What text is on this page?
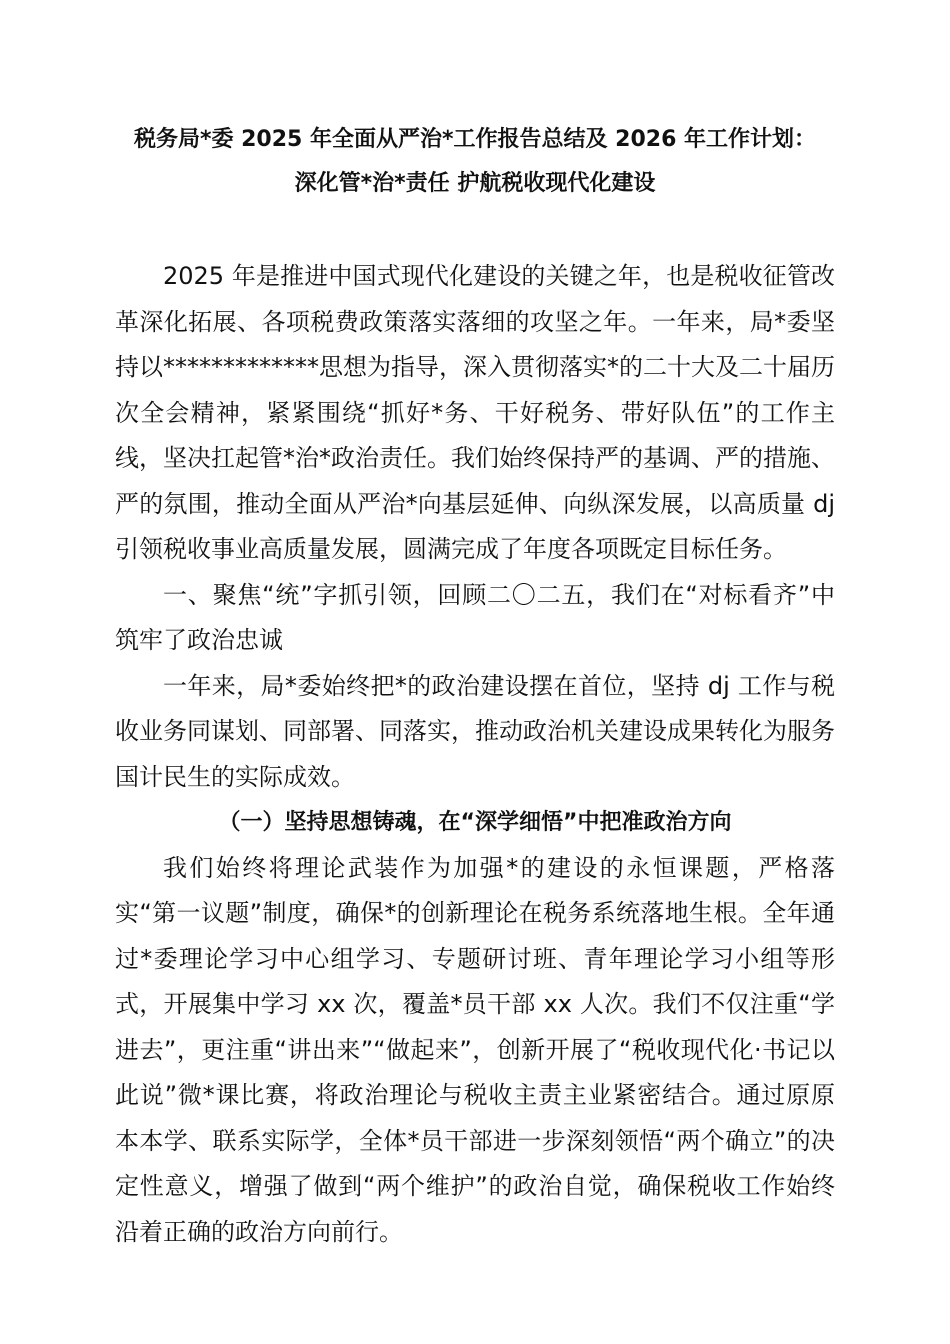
税务局*委 2025 年全面从严治*工作报告总结及 2026 年工作计划：
深化管*治*责任 护航税收现代化建设

2025 年是推进中国式现代化建设的关键之年，也是税收征管改革深化拓展、各项税费政策落实落细的攻坚之年。一年来，局*委坚持以*************思想为指导，深入贯彻落实*的二十大及二十届历次全会精神，紧紧围绕“抓好*务、干好税务、带好队伍”的工作主线，坚决扛起管*治*政治责任。我们始终保持严的基调、严的措施、严的氛围，推动全面从严治*向基层延伸、向纵深发展，以高质量 dj 引领税收事业高质量发展，圆满完成了年度各项既定目标任务。

一、聚焦“统”字抓引领，回顾二〇二五，我们在“对标看齐”中筑牢了政治忠诚

一年来，局*委始终把*的政治建设摆在首位，坚持 dj 工作与税收业务同谋划、同部署、同落实，推动政治机关建设成果转化为服务国计民生的实际成效。

（一）坚持思想铸魂，在“深学细悟”中把准政治方向

我们始终将理论武装作为加强*的建设的永恒课题，严格落实“第一议题”制度，确保*的创新理论在税务系统落地生根。全年通过*委理论学习中心组学习、专题研讨班、青年理论学习小组等形式，开展集中学习 xx 次，覆盖*员干部 xx 人次。我们不仅注重“学进去”，更注重“讲出来”“做起来”，创新开展了“税收现代化·书记以此说”微*课比赛，将政治理论与税收主责主业紧密结合。通过原原本本学、联系实际学，全体*员干部进一步深刻领悟“两个确立”的决定性意义，增强了做到“两个维护”的政治自觉，确保税收工作始终沿着正确的政治方向前行。
